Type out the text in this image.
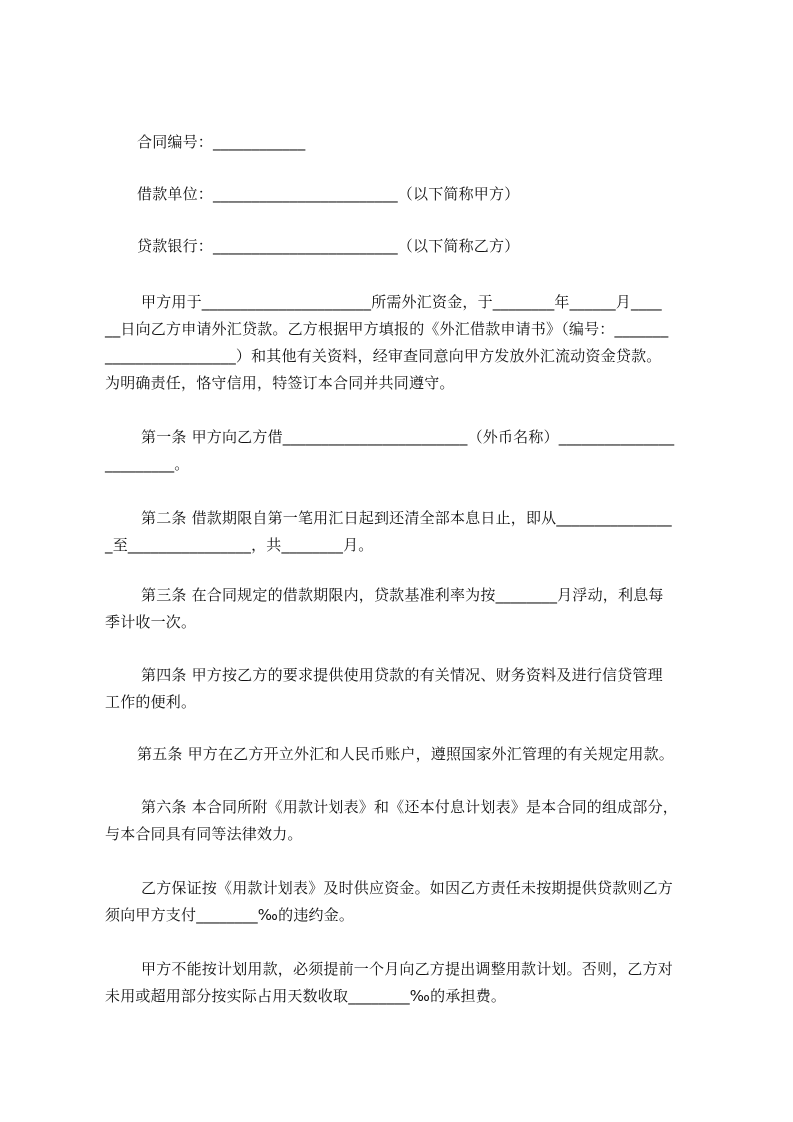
合同编号：____________
借款单位：________________________（以下简称甲方）
贷款银行：________________________（以下简称乙方）
甲方用于______________________所需外汇资金，于________年______月____
__日向乙方申请外汇贷款。乙方根据甲方填报的《外汇借款申请书》（编号：_______
_________________）和其他有关资料，经审查同意向甲方发放外汇流动资金贷款。
为明确责任，恪守信用，特签订本合同并共同遵守。
第一条 甲方向乙方借________________________（外币名称）_______________
_________。
第二条 借款期限自第一笔用汇日起到还清全部本息日止，即从_______________
_至________________，共________月。
第三条 在合同规定的借款期限内，贷款基准利率为按________月浮动，利息每
季计收一次。
第四条 甲方按乙方的要求提供使用贷款的有关情况、财务资料及进行信贷管理
工作的便利。
第五条 甲方在乙方开立外汇和人民币账户，遵照国家外汇管理的有关规定用款。
第六条 本合同所附《用款计划表》和《还本付息计划表》是本合同的组成部分，
与本合同具有同等法律效力。
乙方保证按《用款计划表》及时供应资金。如因乙方责任未按期提供贷款则乙方
须向甲方支付________‰的违约金。
甲方不能按计划用款，必须提前一个月向乙方提出调整用款计划。否则，乙方对
未用或超用部分按实际占用天数收取________‰的承担费。
